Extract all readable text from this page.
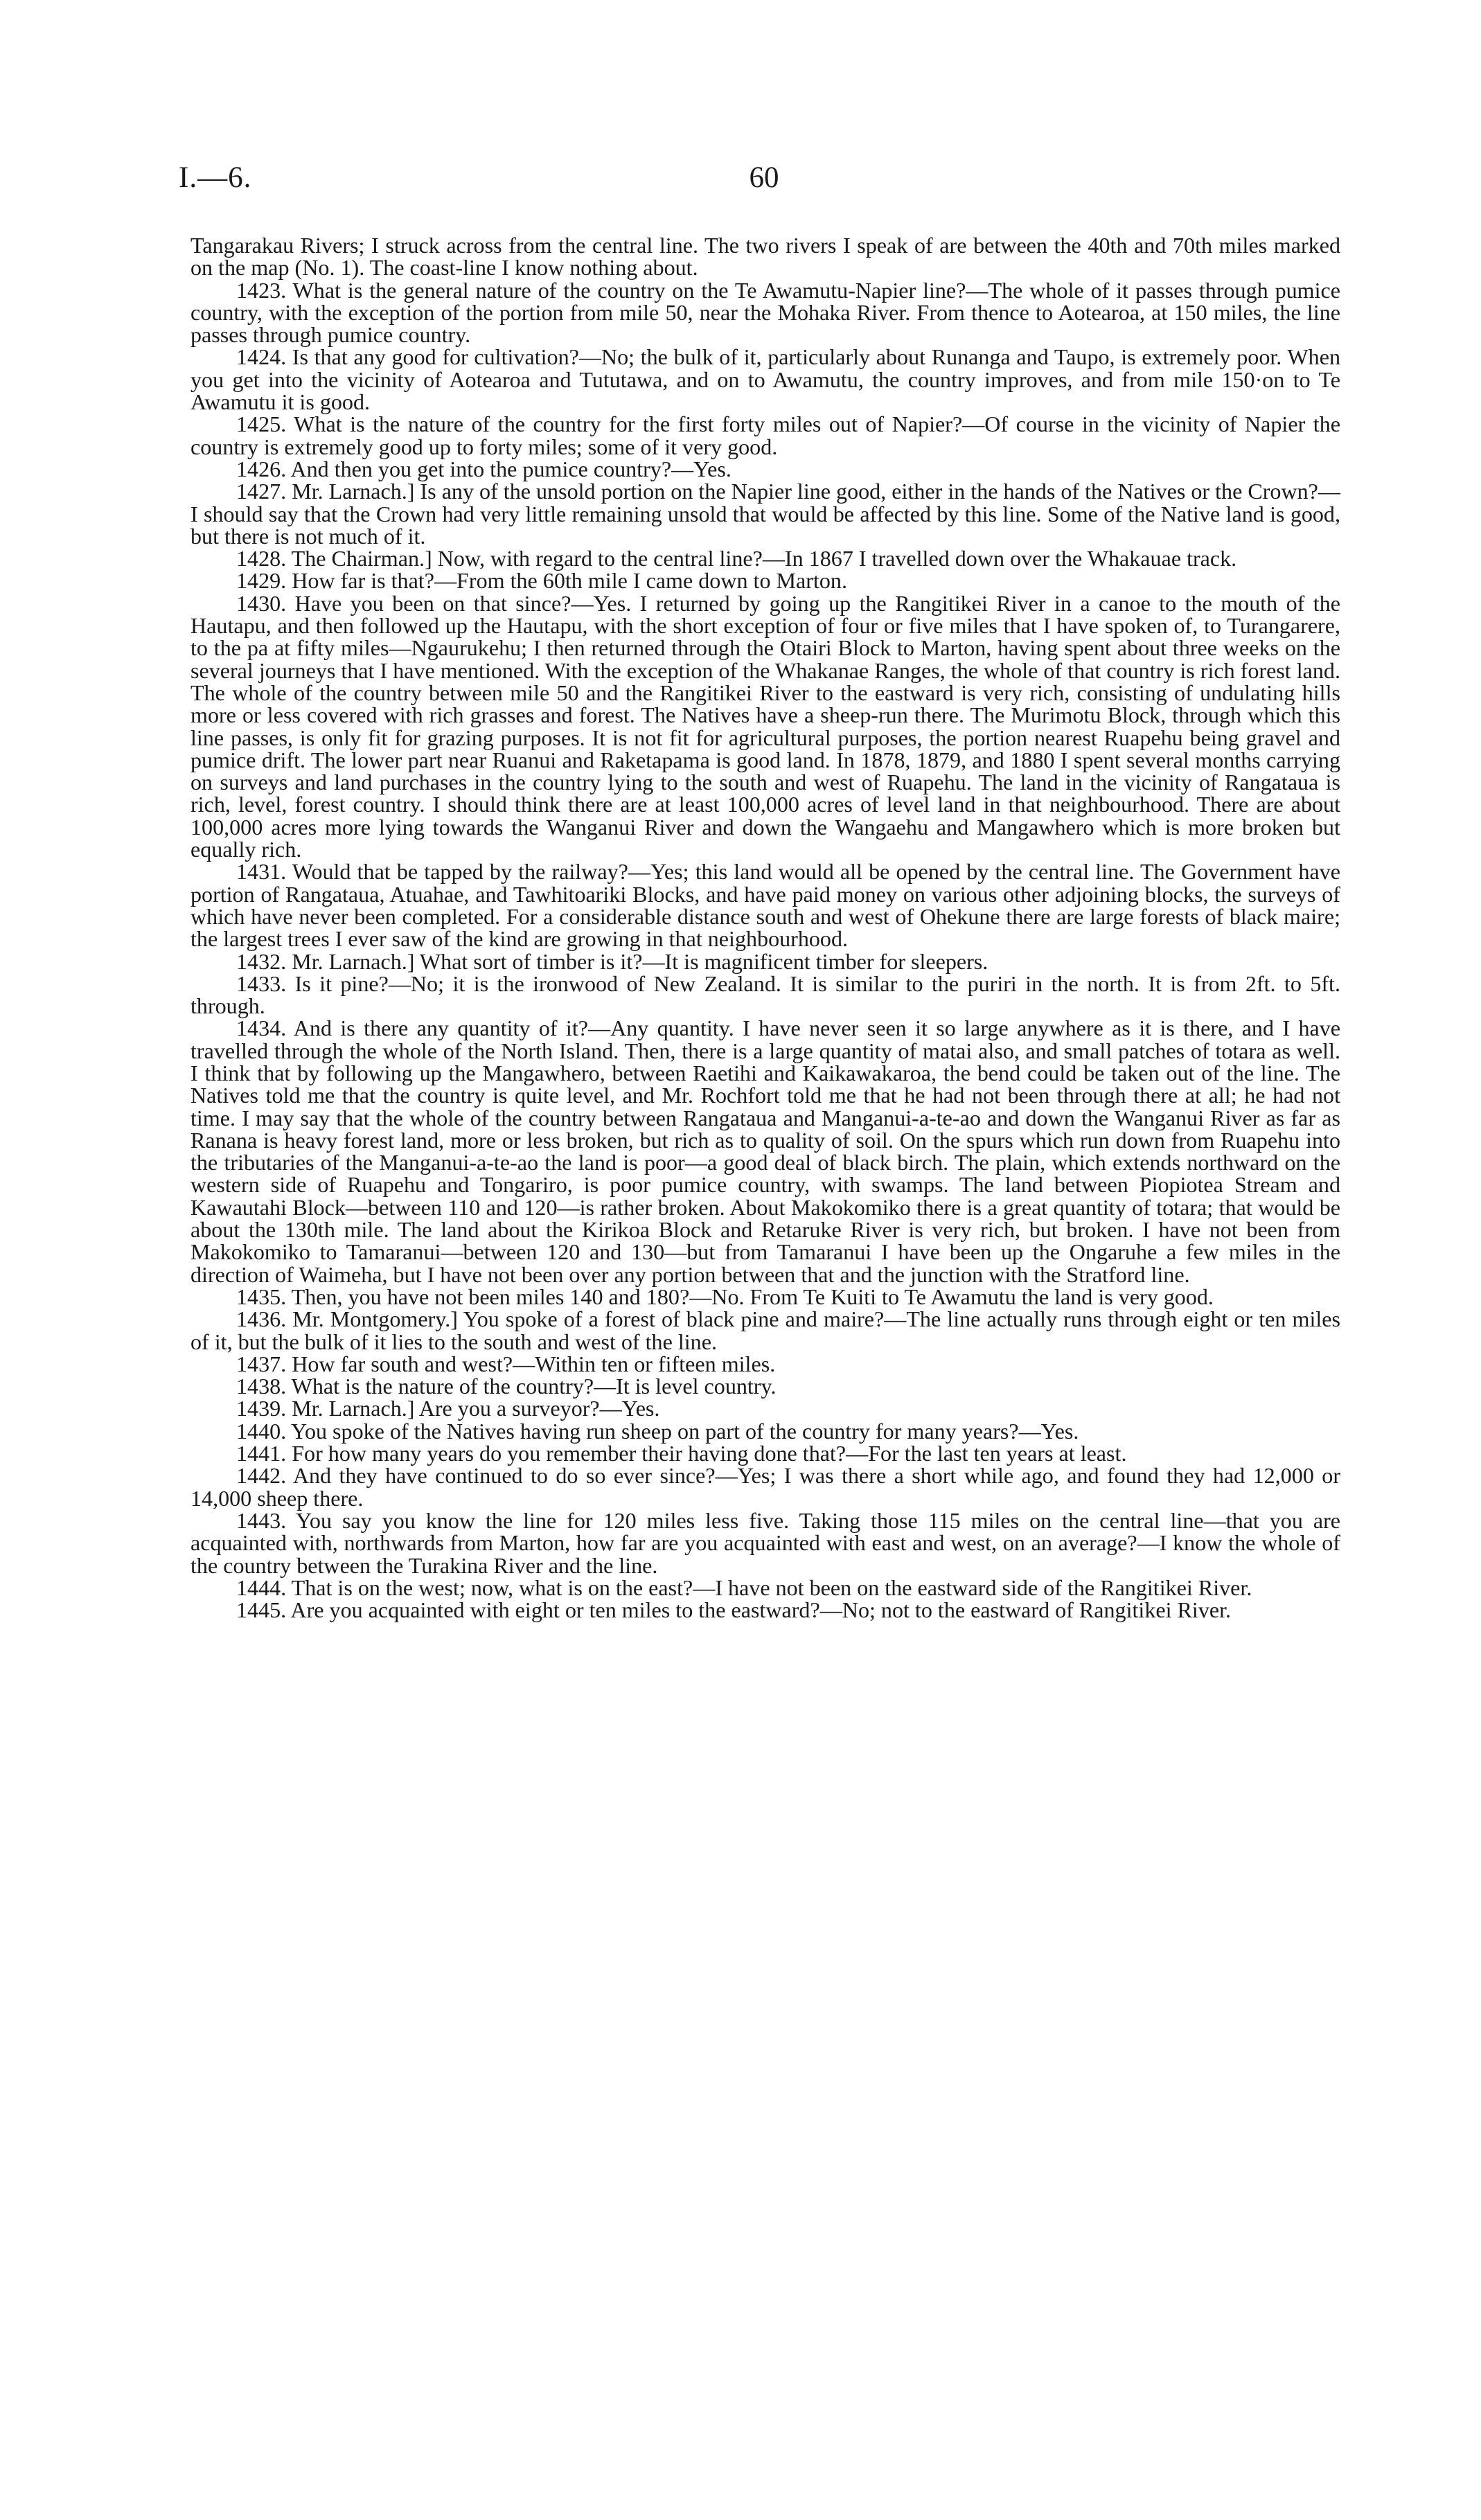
I.—6.	60

Tangarakau Rivers; I struck across from the central line. The two rivers I speak of are between the 40th and 70th miles marked on the map (No. 1). The coast-line I know nothing about.

1423. What is the general nature of the country on the Te Awamutu-Napier line?—The whole of it passes through pumice country, with the exception of the portion from mile 50, near the Mohaka River. From thence to Aotearoa, at 150 miles, the line passes through pumice country.

1424. Is that any good for cultivation?—No; the bulk of it, particularly about Runanga and Taupo, is extremely poor. When you get into the vicinity of Aotearoa and Tututawa, and on to Awamutu, the country improves, and from mile 150·on to Te Awamutu it is good.

1425. What is the nature of the country for the first forty miles out of Napier?—Of course in the vicinity of Napier the country is extremely good up to forty miles; some of it very good.

1426. And then you get into the pumice country?—Yes.

1427. Mr. Larnach.] Is any of the unsold portion on the Napier line good, either in the hands of the Natives or the Crown?—I should say that the Crown had very little remaining unsold that would be affected by this line. Some of the Native land is good, but there is not much of it.

1428. The Chairman.] Now, with regard to the central line?—In 1867 I travelled down over the Whakauae track.

1429. How far is that?—From the 60th mile I came down to Marton.

1430. Have you been on that since?—Yes. I returned by going up the Rangitikei River in a canoe to the mouth of the Hautapu, and then followed up the Hautapu, with the short exception of four or five miles that I have spoken of, to Turangarere, to the pa at fifty miles—Ngaurukehu; I then returned through the Otairi Block to Marton, having spent about three weeks on the several journeys that I have mentioned. With the exception of the Whakanae Ranges, the whole of that country is rich forest land. The whole of the country between mile 50 and the Rangitikei River to the eastward is very rich, consisting of undulating hills more or less covered with rich grasses and forest. The Natives have a sheep-run there. The Murimotu Block, through which this line passes, is only fit for grazing purposes. It is not fit for agricultural purposes, the portion nearest Ruapehu being gravel and pumice drift. The lower part near Ruanui and Raketapama is good land. In 1878, 1879, and 1880 I spent several months carrying on surveys and land purchases in the country lying to the south and west of Ruapehu. The land in the vicinity of Rangataua is rich, level, forest country. I should think there are at least 100,000 acres of level land in that neighbourhood. There are about 100,000 acres more lying towards the Wanganui River and down the Wangaehu and Mangawhero which is more broken but equally rich.

1431. Would that be tapped by the railway?—Yes; this land would all be opened by the central line. The Government have portion of Rangataua, Atuahae, and Tawhitoariki Blocks, and have paid money on various other adjoining blocks, the surveys of which have never been completed. For a considerable distance south and west of Ohekune there are large forests of black maire; the largest trees I ever saw of the kind are growing in that neighbourhood.

1432. Mr. Larnach.] What sort of timber is it?—It is magnificent timber for sleepers.

1433. Is it pine?—No; it is the ironwood of New Zealand. It is similar to the puriri in the north. It is from 2ft. to 5ft. through.

1434. And is there any quantity of it?—Any quantity. I have never seen it so large anywhere as it is there, and I have travelled through the whole of the North Island. Then, there is a large quantity of matai also, and small patches of totara as well. I think that by following up the Mangawhero, between Raetihi and Kaikawakaroa, the bend could be taken out of the line. The Natives told me that the country is quite level, and Mr. Rochfort told me that he had not been through there at all; he had not time. I may say that the whole of the country between Rangataua and Manganui-a-te-ao and down the Wanganui River as far as Ranana is heavy forest land, more or less broken, but rich as to quality of soil. On the spurs which run down from Ruapehu into the tributaries of the Manganui-a-te-ao the land is poor—a good deal of black birch. The plain, which extends northward on the western side of Ruapehu and Tongariro, is poor pumice country, with swamps. The land between Piopiotea Stream and Kawautahi Block—between 110 and 120—is rather broken. About Makokomiko there is a great quantity of totara; that would be about the 130th mile. The land about the Kirikoa Block and Retaruke River is very rich, but broken. I have not been from Makokomiko to Tamaranui—between 120 and 130—but from Tamaranui I have been up the Ongaruhe a few miles in the direction of Waimeha, but I have not been over any portion between that and the junction with the Stratford line.

1435. Then, you have not been miles 140 and 180?—No. From Te Kuiti to Te Awamutu the land is very good.

1436. Mr. Montgomery.] You spoke of a forest of black pine and maire?—The line actually runs through eight or ten miles of it, but the bulk of it lies to the south and west of the line.

1437. How far south and west?—Within ten or fifteen miles.

1438. What is the nature of the country?—It is level country.

1439. Mr. Larnach.] Are you a surveyor?—Yes.

1440. You spoke of the Natives having run sheep on part of the country for many years?—Yes.

1441. For how many years do you remember their having done that?—For the last ten years at least.

1442. And they have continued to do so ever since?—Yes; I was there a short while ago, and found they had 12,000 or 14,000 sheep there.

1443. You say you know the line for 120 miles less five. Taking those 115 miles on the central line—that you are acquainted with, northwards from Marton, how far are you acquainted with east and west, on an average?—I know the whole of the country between the Turakina River and the line.

1444. That is on the west; now, what is on the east?—I have not been on the eastward side of the Rangitikei River.

1445. Are you acquainted with eight or ten miles to the eastward?—No; not to the eastward of Rangitikei River.
